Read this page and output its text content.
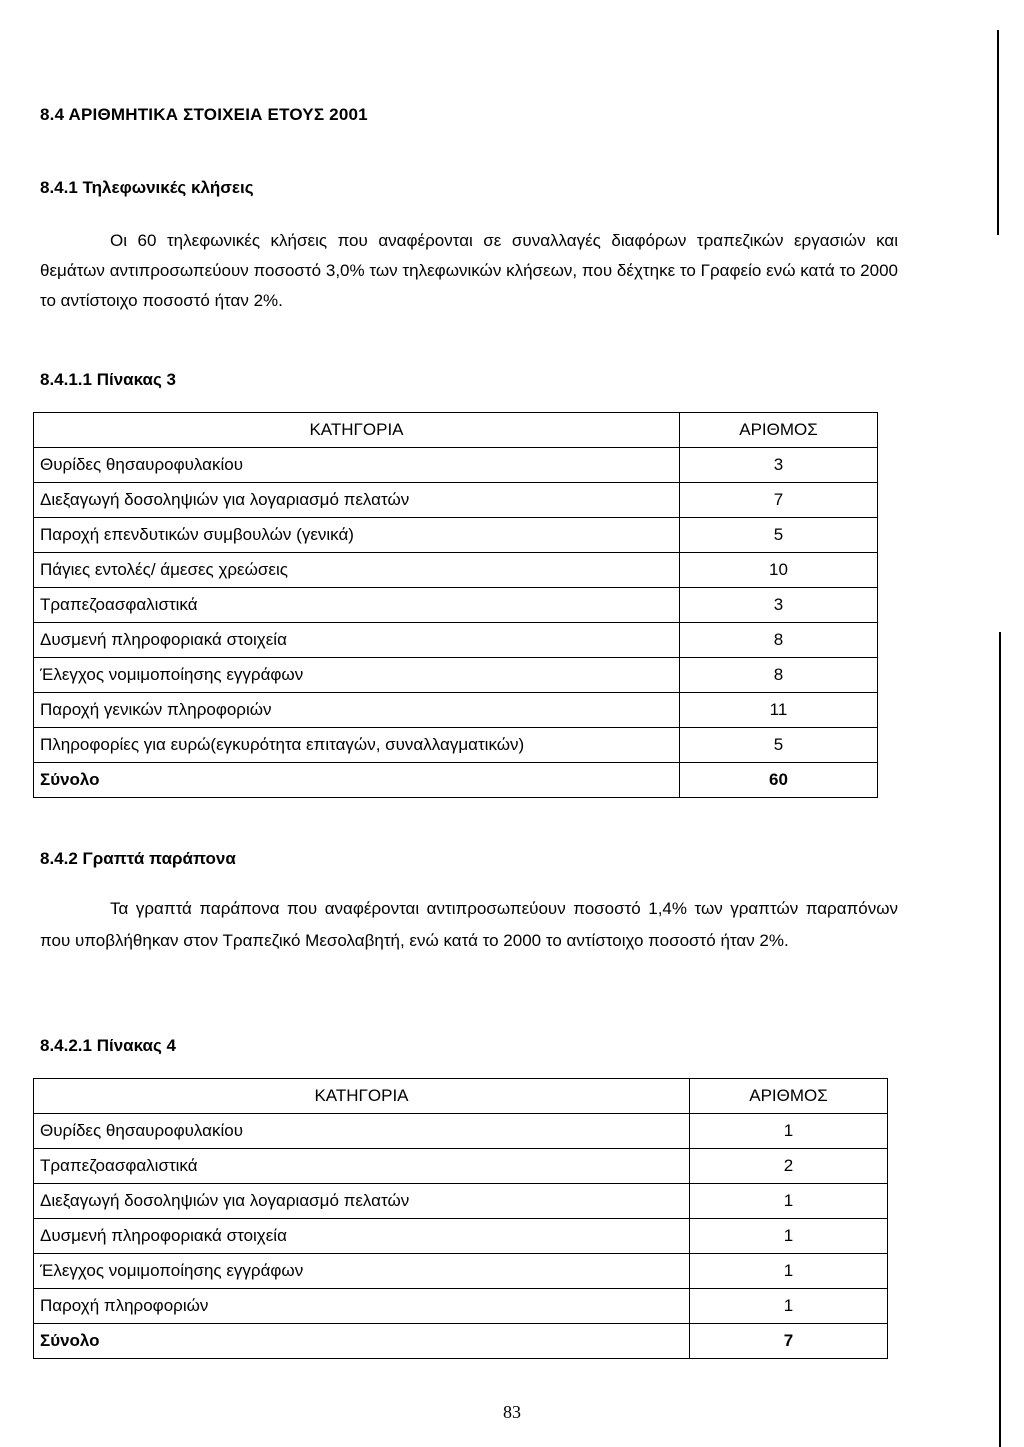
8.4 ΑΡΙΘΜΗΤΙΚΑ ΣΤΟΙΧΕΙΑ ΕΤΟΥΣ 2001
8.4.1 Τηλεφωνικές κλήσεις
Οι 60 τηλεφωνικές κλήσεις που αναφέρονται σε συναλλαγές διαφόρων τραπεζικών εργασιών και θεμάτων αντιπροσωπεύουν ποσοστό 3,0% των τηλεφωνικών κλήσεων, που δέχτηκε το Γραφείο ενώ κατά το 2000 το αντίστοιχο ποσοστό ήταν 2%.
8.4.1.1 Πίνακας 3
ΚΑΤΗΓΟΡΙΑ	ΑΡΙΘΜΟΣ
Θυρίδες θησαυροφυλακίου	3
Διεξαγωγή δοσοληψιών για λογαριασμό πελατών	7
Παροχή επενδυτικών συμβουλών (γενικά)	5
Πάγιες εντολές/ άμεσες χρεώσεις	10
Τραπεζοασφαλιστικά	3
Δυσμενή πληροφοριακά στοιχεία	8
Έλεγχος νομιμοποίησης εγγράφων	8
Παροχή γενικών πληροφοριών	11
Πληροφορίες για ευρώ(εγκυρότητα επιταγών, συναλλαγματικών)	5
Σύνολο	60
8.4.2 Γραπτά παράπονα
Τα γραπτά παράπονα που αναφέρονται αντιπροσωπεύουν ποσοστό 1,4% των γραπτών παραπόνων που υποβλήθηκαν στον Τραπεζικό Μεσολαβητή, ενώ κατά το 2000 το αντίστοιχο ποσοστό ήταν 2%.
8.4.2.1 Πίνακας 4
ΚΑΤΗΓΟΡΙΑ	ΑΡΙΘΜΟΣ
Θυρίδες θησαυροφυλακίου	1
Τραπεζοασφαλιστικά	2
Διεξαγωγή δοσοληψιών για λογαριασμό πελατών	1
Δυσμενή πληροφοριακά στοιχεία	1
Έλεγχος νομιμοποίησης εγγράφων	1
Παροχή πληροφοριών	1
Σύνολο	7
83
